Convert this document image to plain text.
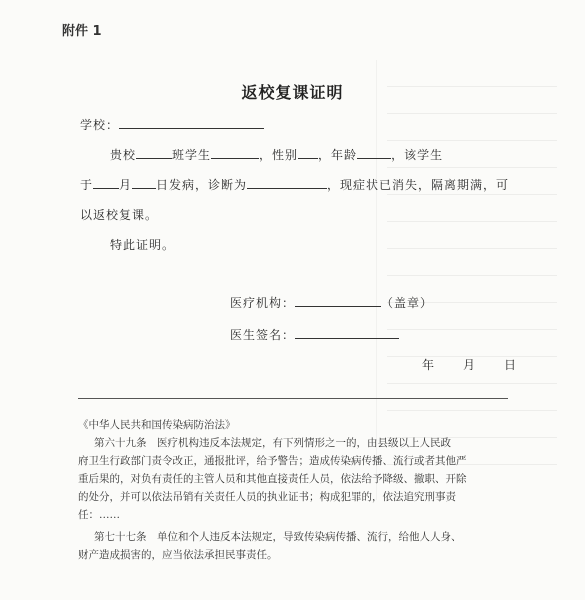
附件 1
返校复课证明
学校：
贵校	班学生	，性别 ，年龄	，该学生
于 月 日发病，诊断为	，现症状已消失，隔离期满，可
以返校复课。
特此证明。
医疗机构：	（盖章）
医生签名：
年 月 日
《中华人民共和国传染病防治法》
第六十九条　医疗机构违反本法规定，有下列情形之一的，由县级以上人民政
府卫生行政部门责令改正，通报批评，给予警告；造成传染病传播、流行或者其他严
重后果的，对负有责任的主管人员和其他直接责任人员，依法给予降级、撤职、开除
的处分，并可以依法吊销有关责任人员的执业证书；构成犯罪的，依法追究刑事责
任：……
第七十七条　单位和个人违反本法规定，导致传染病传播、流行，给他人人身、
财产造成损害的，应当依法承担民事责任。
